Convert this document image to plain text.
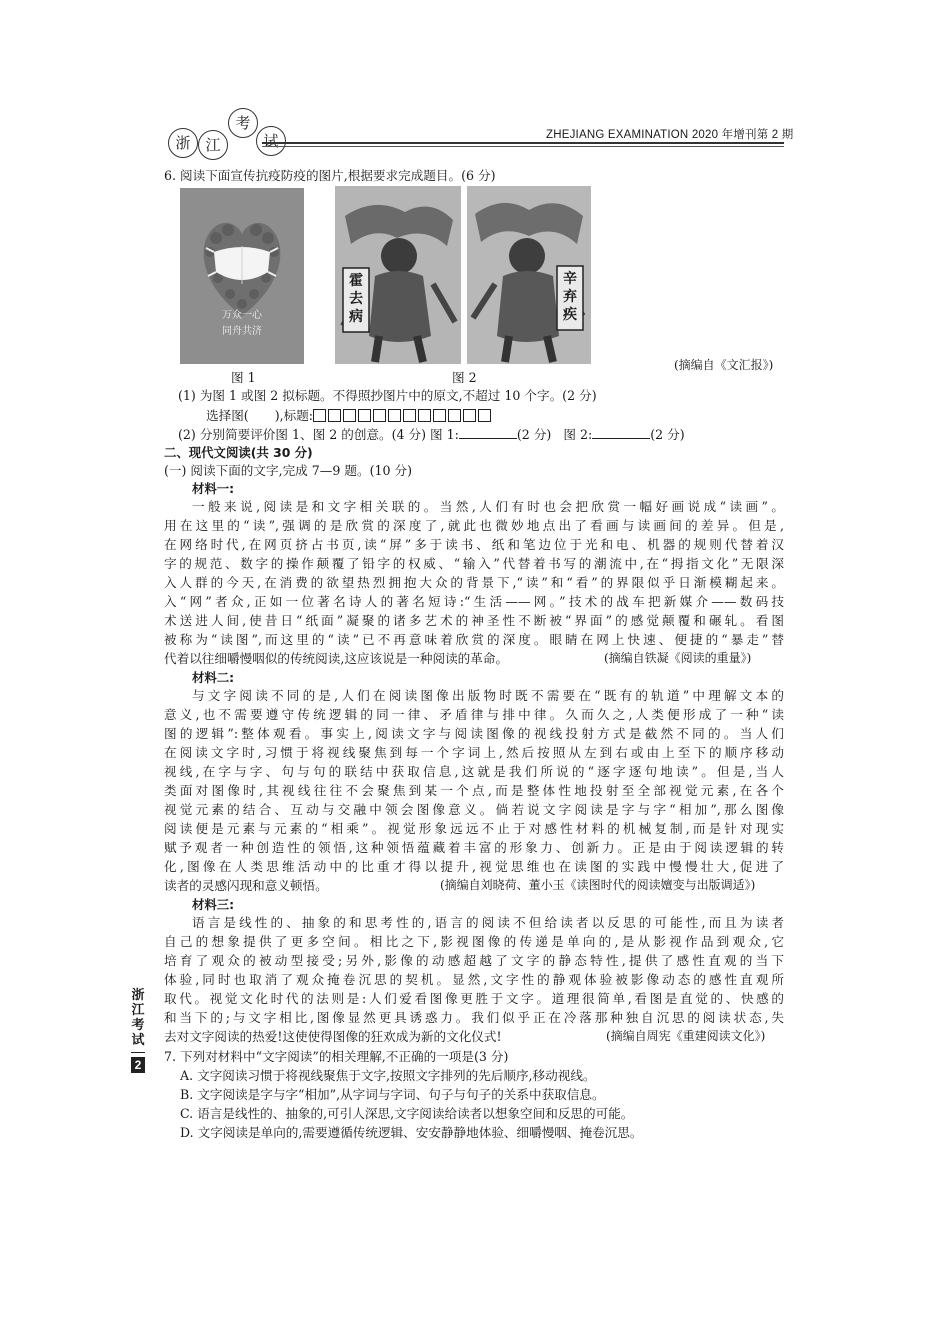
浙 江
考
试	ZHEJIANG EXAMINATION 2020 年增刊第 2 期
6. 阅读下面宣传抗疫防疫的图片,根据要求完成题目。(6 分)
万众一心
同舟共济
霍去病
辛弃疾
(摘编自《文汇报》)
图 1	图 2
(1) 为图 1 或图 2 拟标题。不得照抄图片中的原文,不超过 10 个字。(2 分)
选择图( ),标题:
(2) 分别简要评价图 1、图 2 的创意。(4 分) 图 1:	(2 分) 图 2:	(2 分)
二、现代文阅读(共 30 分)
(一) 阅读下面的文字,完成 7—9 题。(10 分)
材料一:
一般来说,阅读是和文字相关联的。当然,人们有时也会把欣赏一幅好画说成“读画”。
用在这里的“读”,强调的是欣赏的深度了,就此也微妙地点出了看画与读画间的差异。但是,
在网络时代,在网页挤占书页,读“屏”多于读书、纸和笔边位于光和电、机器的规则代替着汉
字的规范、数字的操作颠覆了铅字的权威、“输入”代替着书写的潮流中,在“拇指文化”无限深
入人群的今天,在消费的欲望热烈拥抱大众的背景下,“读”和“看”的界限似乎日渐模糊起来。
入“网”者众,正如一位著名诗人的著名短诗:“生活——网。”技术的战车把新媒介——数码技
术送进人间,使昔日“纸面”凝聚的诸多艺术的神圣性不断被“界面”的感觉颠覆和碾轧。看图
被称为“读图”,而这里的“读”已不再意味着欣赏的深度。眼睛在网上快速、便捷的“暴走”替
代着以往细嚼慢咽似的传统阅读,这应该说是一种阅读的革命。	(摘编自铁凝《阅读的重量》)
材料二:
与文字阅读不同的是,人们在阅读图像出版物时既不需要在“既有的轨道”中理解文本的
意义,也不需要遵守传统逻辑的同一律、矛盾律与排中律。久而久之,人类便形成了一种“读
图的逻辑”:整体观看。事实上,阅读文字与阅读图像的视线投射方式是截然不同的。当人们
在阅读文字时,习惯于将视线聚焦到每一个字词上,然后按照从左到右或由上至下的顺序移动
视线,在字与字、句与句的联结中获取信息,这就是我们所说的“逐字逐句地读”。但是,当人
类面对图像时,其视线往往不会聚焦到某一个点,而是整体性地投射至全部视觉元素,在各个
视觉元素的结合、互动与交融中领会图像意义。倘若说文字阅读是字与字“相加”,那么图像
阅读便是元素与元素的“相乘”。视觉形象远远不止于对感性材料的机械复制,而是针对现实
赋予观者一种创造性的领悟,这种领悟蕴藏着丰富的形象力、创新力。正是由于阅读逻辑的转
化,图像在人类思维活动中的比重才得以提升,视觉思维也在读图的实践中慢慢壮大,促进了
读者的灵感闪现和意义顿悟。	(摘编自刘晓荷、董小玉《读图时代的阅读嬗变与出版调适》)
材料三:
语言是线性的、抽象的和思考性的,语言的阅读不但给读者以反思的可能性,而且为读者
自己的想象提供了更多空间。相比之下,影视图像的传递是单向的,是从影视作品到观众,它
培育了观众的被动型接受;另外,影像的动感超越了文字的静态特性,提供了感性直观的当下
体验,同时也取消了观众掩卷沉思的契机。显然,文字性的静观体验被影像动态的感性直观所
取代。视觉文化时代的法则是:人们爱看图像更胜于文字。道理很简单,看图是直觉的、快感的
和当下的;与文字相比,图像显然更具诱惑力。我们似乎正在冷落那种独自沉思的阅读状态,失
去对文字阅读的热爱!这使使得图像的狂欢成为新的文化仪式!	(摘编自周宪《重建阅读文化》)
7. 下列对材料中“文字阅读”的相关理解,不正确的一项是(3 分)
A. 文字阅读习惯于将视线聚焦于文字,按照文字排列的先后顺序,移动视线。
B. 文字阅读是字与字“相加”,从字词与字词、句子与句子的关系中获取信息。
C. 语言是线性的、抽象的,可引人深思,文字阅读给读者以想象空间和反思的可能。
D. 文字阅读是单向的,需要遵循传统逻辑、安安静静地体验、细嚼慢咽、掩卷沉思。
浙
江
考
试
2
